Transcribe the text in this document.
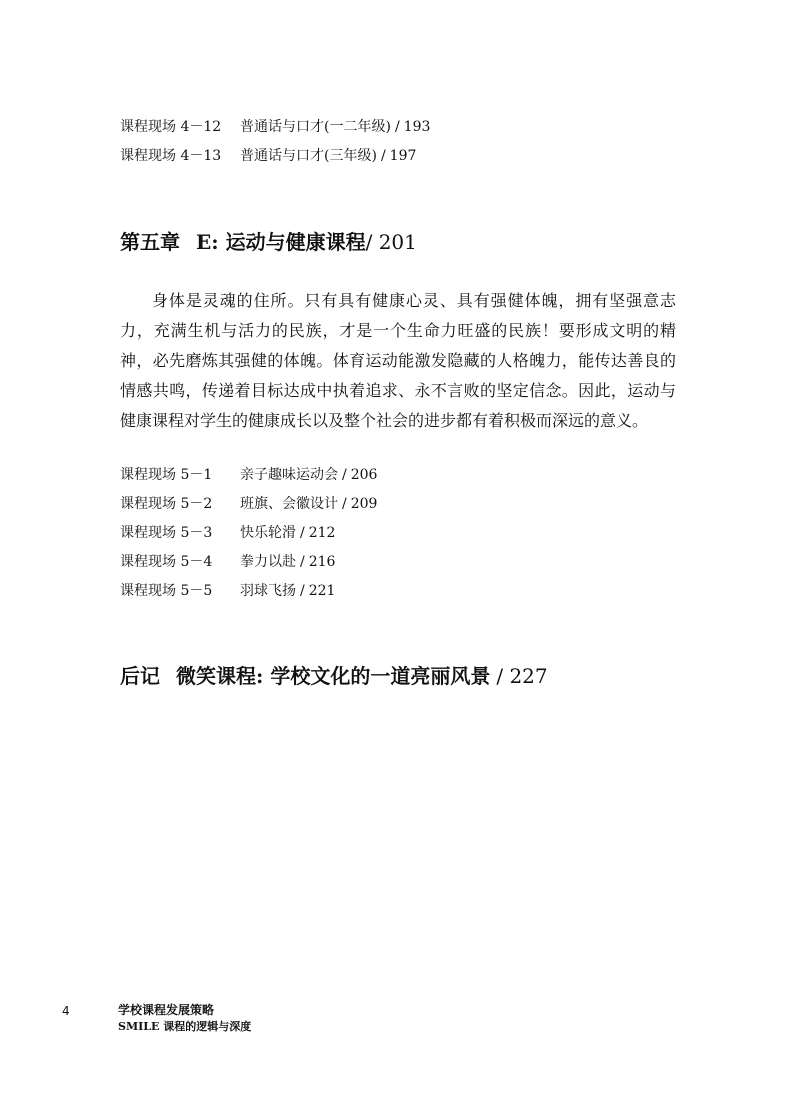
课程现场 4－12 普通话与口才(一二年级) / 193
课程现场 4－13 普通话与口才(三年级) / 197
第五章 E: 运动与健康课程/ 201

身体是灵魂的住所。只有具有健康心灵、具有强健体魄，拥有坚强意志力，充满生机与活力的民族，才是一个生命力旺盛的民族！要形成文明的精神，必先磨炼其强健的体魄。体育运动能激发隐藏的人格魄力，能传达善良的情感共鸣，传递着目标达成中执着追求、永不言败的坚定信念。因此，运动与健康课程对学生的健康成长以及整个社会的进步都有着积极而深远的意义。

课程现场 5－1 亲子趣味运动会 / 206
课程现场 5－2 班旗、会徽设计 / 209
课程现场 5－3 快乐轮滑 / 212
课程现场 5－4 拳力以赴 / 216
课程现场 5－5 羽球飞扬 / 221
后记 微笑课程: 学校文化的一道亮丽风景 / 227
4	学校课程发展策略
SMILE 课程的逻辑与深度
